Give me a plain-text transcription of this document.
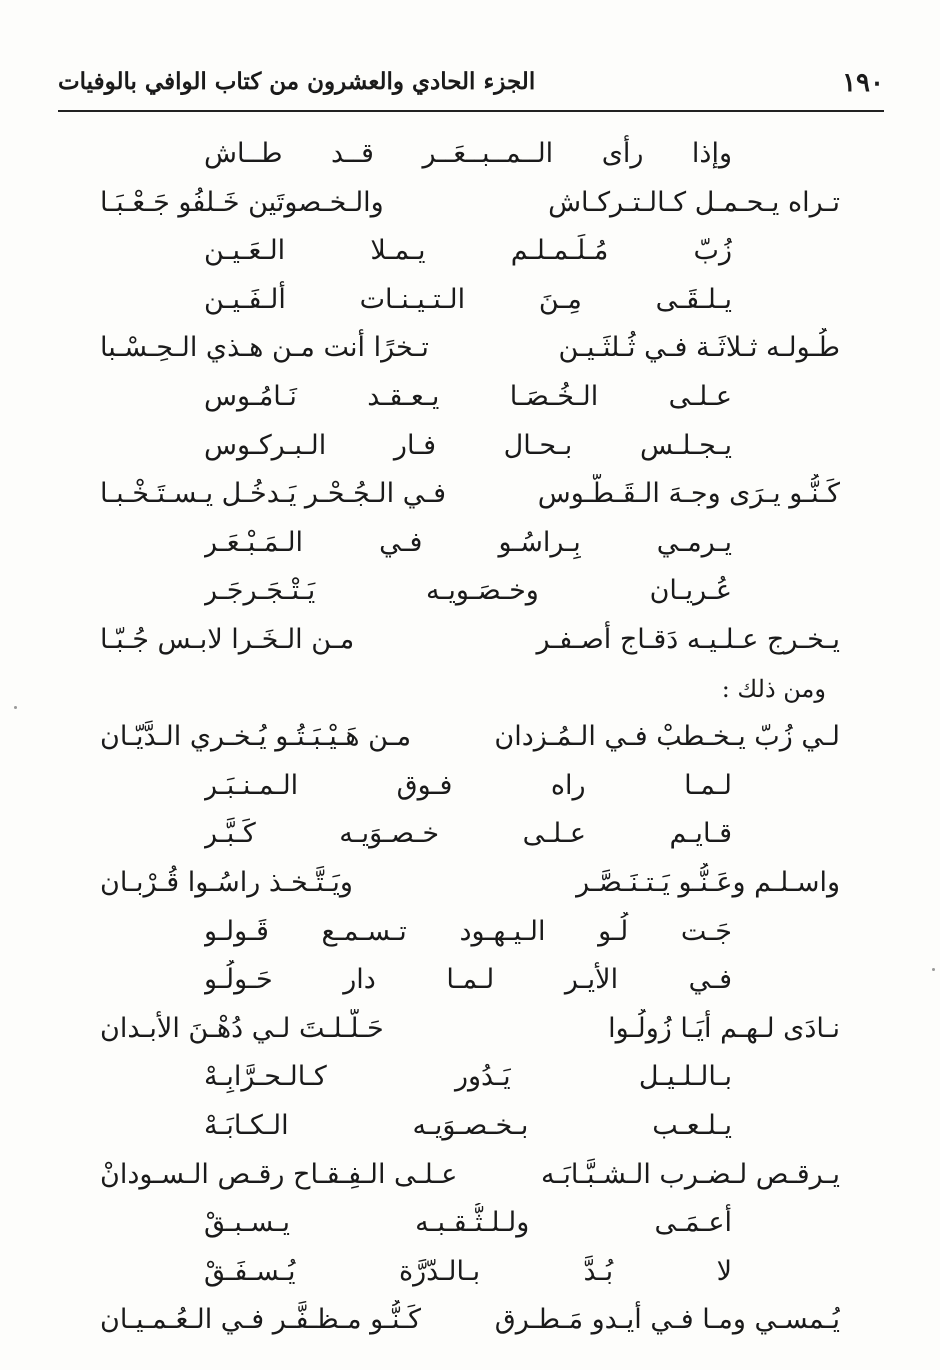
١٩٠
الجزء الحادي والعشرون من كتاب الوافي بالوفيات
وإذا رأى الــمــبــعَــر قــد طــاش
تـراه يـحـمـل كـالـتـركـاش
والـخـصوتَين خَـلفُو جَـعْـبَـا
زُبّ مُـلَـمـلـم يـمـلا الـعَـيـن
يـلـقَـى مِـنَ الـتـيـنـات ألـفَـيـن
طُـولـه ثـلاثَـة فـي ثُـلثَـيـن
تـخرًا أنت مـن هـذي الـحِـسْـبا
عـلـى الـخُـصَـا يـعـقـد نَـامُـوس
يـجـلـس بـحـال فـار الـبـركـوس
كَـنُّـو يـرَى وجـهَ الـقَـطُّـوس
فـي الـجُـحْـر يَـدخُـل يـسـتَـخْـبـا
يـرمـي بِـراسُـو فـي الـمَـبْـعَـر
عُـريـان وخـصَـويـه يَـتْـجَـرجَـر
يـخـرج عـلـيـه دَقـاج أصـفـر
مـن الـخَـرا لابـس جُـبّـا
ومن ذلك :
لـي زُبّ يـخـطبْ فـي الـمُـزدان
مـن هَـيْـبَـتُـو يُـخـري الـدَّيّـان
لـمـا راه فـوق الـمـنـبَـر
قـايـم عـلـى خـصـوَيـه كَـبَّـر
واسـلـم وعَـنُّـو يَـتـنَـصَّـر
ويَـتَّـخـذ راسُـوا قُـرْبـان
جَـت لُـو الـيـهـود تـسـمـع قَـولـو
فـي الأيـر لـمـا دار حَـولُـو
نـادَى لـهـم أيَـا زُولُـوا
حَـلَّـلـتَ لـي دُهْـنَ الأبـدان
بـالـلـيـل يَـدُور كـالـحـرَّابِـهْ
يـلـعـب بـخـصـوَيـه الـكـابَـهْ
يـرقـص لـضـرب الـشـبَّـابَـه
عـلـى الـفِـقـاح رقـص الـسـودانْ
أعـمَـى ولـلـثُّـقـبـه يـسـبـقْ
لا بُـدَّ بـالـدّرَّة يُـسـفَـقْ
يُـمسـي ومـا فـي أيـدو مَـطـرق
كَـنُّـو مـظـفَّـر فـي الـعُـمـيـان
